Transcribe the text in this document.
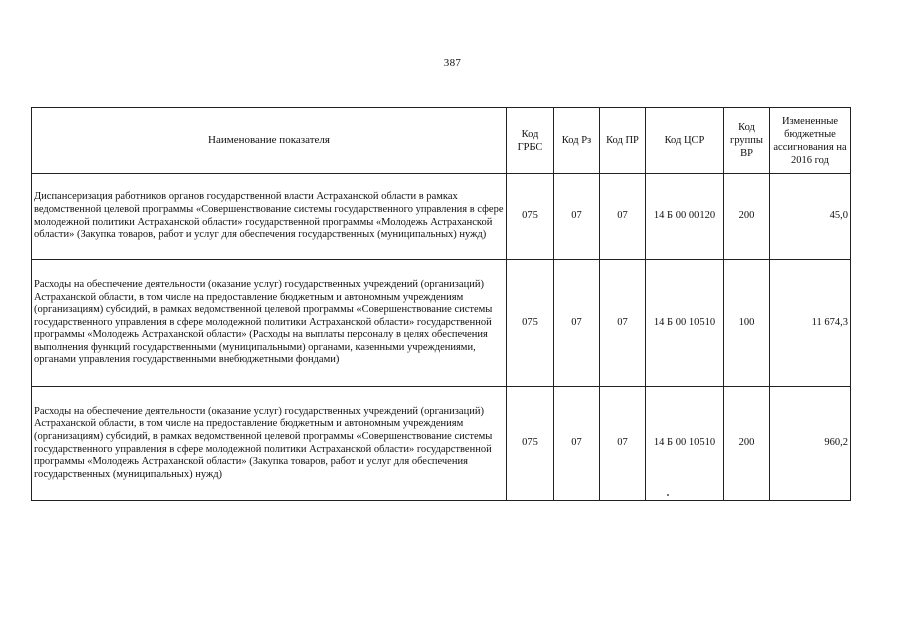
387
Наименование показателя	Код ГРБС	Код Рз	Код ПР	Код ЦСР	Код группы ВР	Измененные бюджетные ассигнования на 2016 год
Диспансеризация работников органов государственной власти Астраханской области в рамках ведомственной целевой программы «Совершенствование системы государственного управления в сфере молодежной политики Астраханской области» государственной программы «Молодежь Астраханской области» (Закупка товаров, работ и услуг для обеспечения государственных (муниципальных) нужд)	075	07	07	14 Б 00 00120	200	45,0
Расходы на обеспечение деятельности (оказание услуг) государственных учреждений (организаций) Астраханской области, в том числе на предоставление бюджетным и автономным учреждениям (организациям) субсидий, в рамках ведомственной целевой программы «Совершенствование системы государственного управления в сфере молодежной политики Астраханской области» государственной программы «Молодежь Астраханской области» (Расходы на выплаты персоналу в целях обеспечения выполнения функций государственными (муниципальными) органами, казенными учреждениями, органами управления государственными внебюджетными фондами)	075	07	07	14 Б 00 10510	100	11 674,3
Расходы на обеспечение деятельности (оказание услуг) государственных учреждений (организаций) Астраханской области, в том числе на предоставление бюджетным и автономным учреждениям (организациям) субсидий, в рамках ведомственной целевой программы «Совершенствование системы государственного управления в сфере молодежной политики Астраханской области» государственной программы «Молодежь Астраханской области» (Закупка товаров, работ и услуг для обеспечения государственных (муниципальных) нужд)	075	07	07	14 Б 00 10510	200	960,2
